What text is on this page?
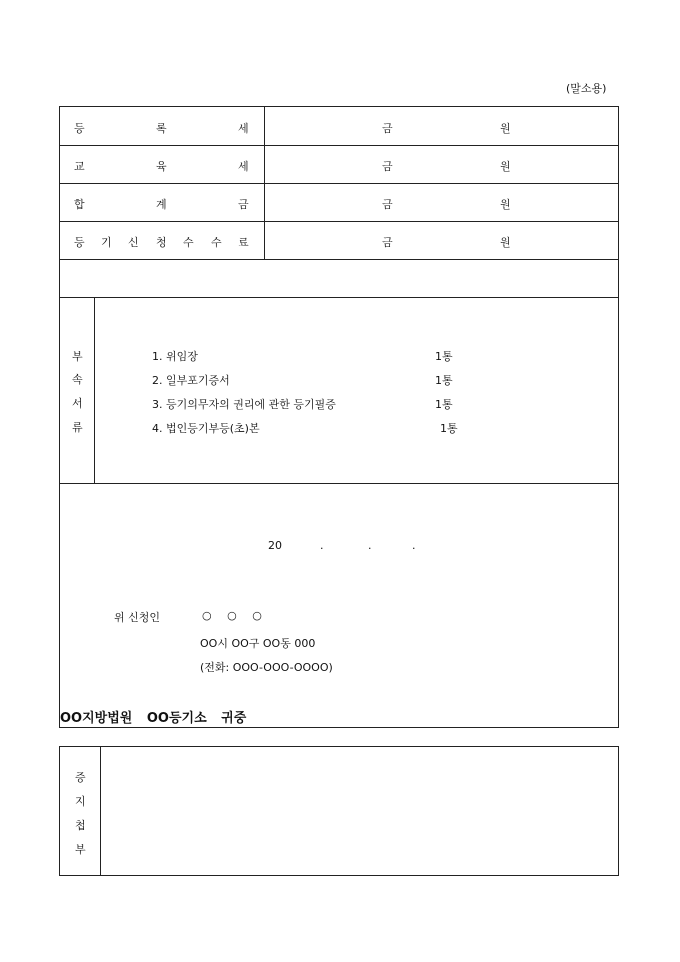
(말소용)
등	록	세	금	원
교	육	세	금	원
합	계	금	금	원
등 기 신 청 수 수 료	금	원
부
속
서
류
1. 위임장	1통
2. 일부포기증서	1통
3. 등기의무자의 권리에 관한 등기필증	1통
4. 법인등기부등(초)본	1통
20	.	.	.
위 신청인	○ ○ ○
OO시 OO구 OO동 000
(전화: OOO-OOO-OOOO)
OO지방법원 OO등기소 귀중
증
지
첩
부
